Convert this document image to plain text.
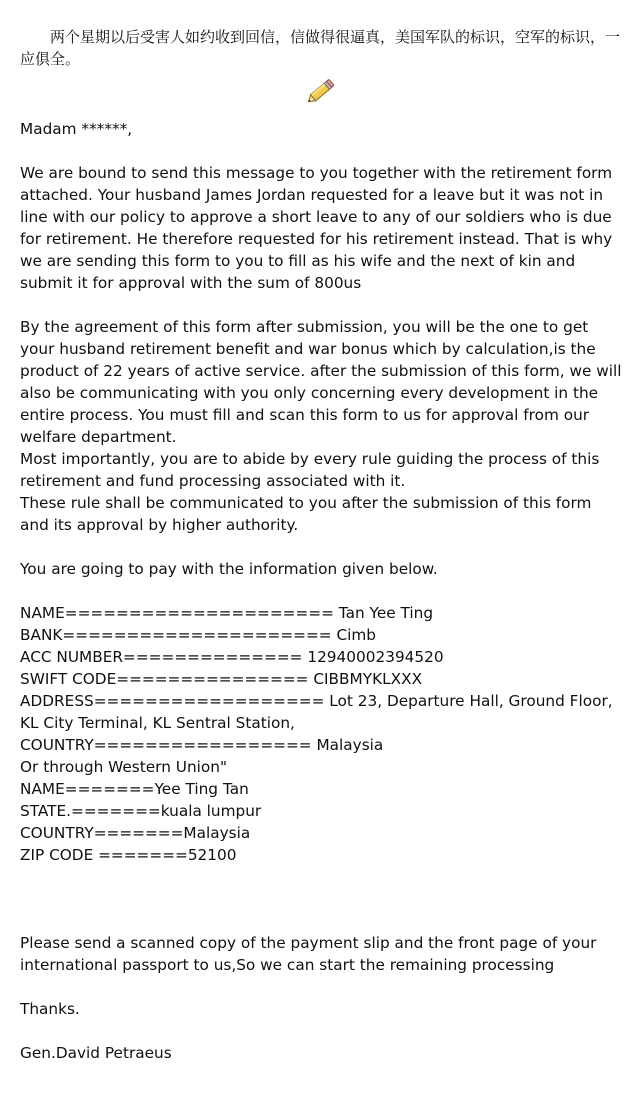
两个星期以后受害人如约收到回信，信做得很逼真，美国军队的标识，空军的标识，一应俱全。

Madam ******,

We are bound to send this message to you together with the retirement form attached. Your husband James Jordan requested for a leave but it was not in line with our policy to approve a short leave to any of our soldiers who is due for retirement. He therefore requested for his retirement instead. That is why we are sending this form to you to fill as his wife and the next of kin and submit it for approval with the sum of 800us

By the agreement of this form after submission, you will be the one to get your husband retirement benefit and war bonus which by calculation,is the product of 22 years of active service. after the submission of this form, we will also be communicating with you only concerning every development in the entire process. You must fill and scan this form to us for approval from our welfare department.

Most importantly, you are to abide by every rule guiding the process of this retirement and fund processing associated with it.

These rule shall be communicated to you after the submission of this form and its approval by higher authority.

You are going to pay with the information given below.

NAME===================== Tan Yee Ting

BANK===================== Cimb

ACC NUMBER============== 12940002394520

SWIFT CODE=============== CIBBMYKLXXX

ADDRESS================== Lot 23, Departure Hall, Ground Floor,

KL City Terminal, KL Sentral Station,

COUNTRY================= Malaysia

Or through Western Union"

NAME=======Yee Ting Tan

STATE.=======kuala lumpur

COUNTRY=======Malaysia

ZIP CODE =======52100

Please send a scanned copy of the payment slip and the front page of your international passport to us,So we can start the remaining processing

Thanks.

Gen.David Petraeus
